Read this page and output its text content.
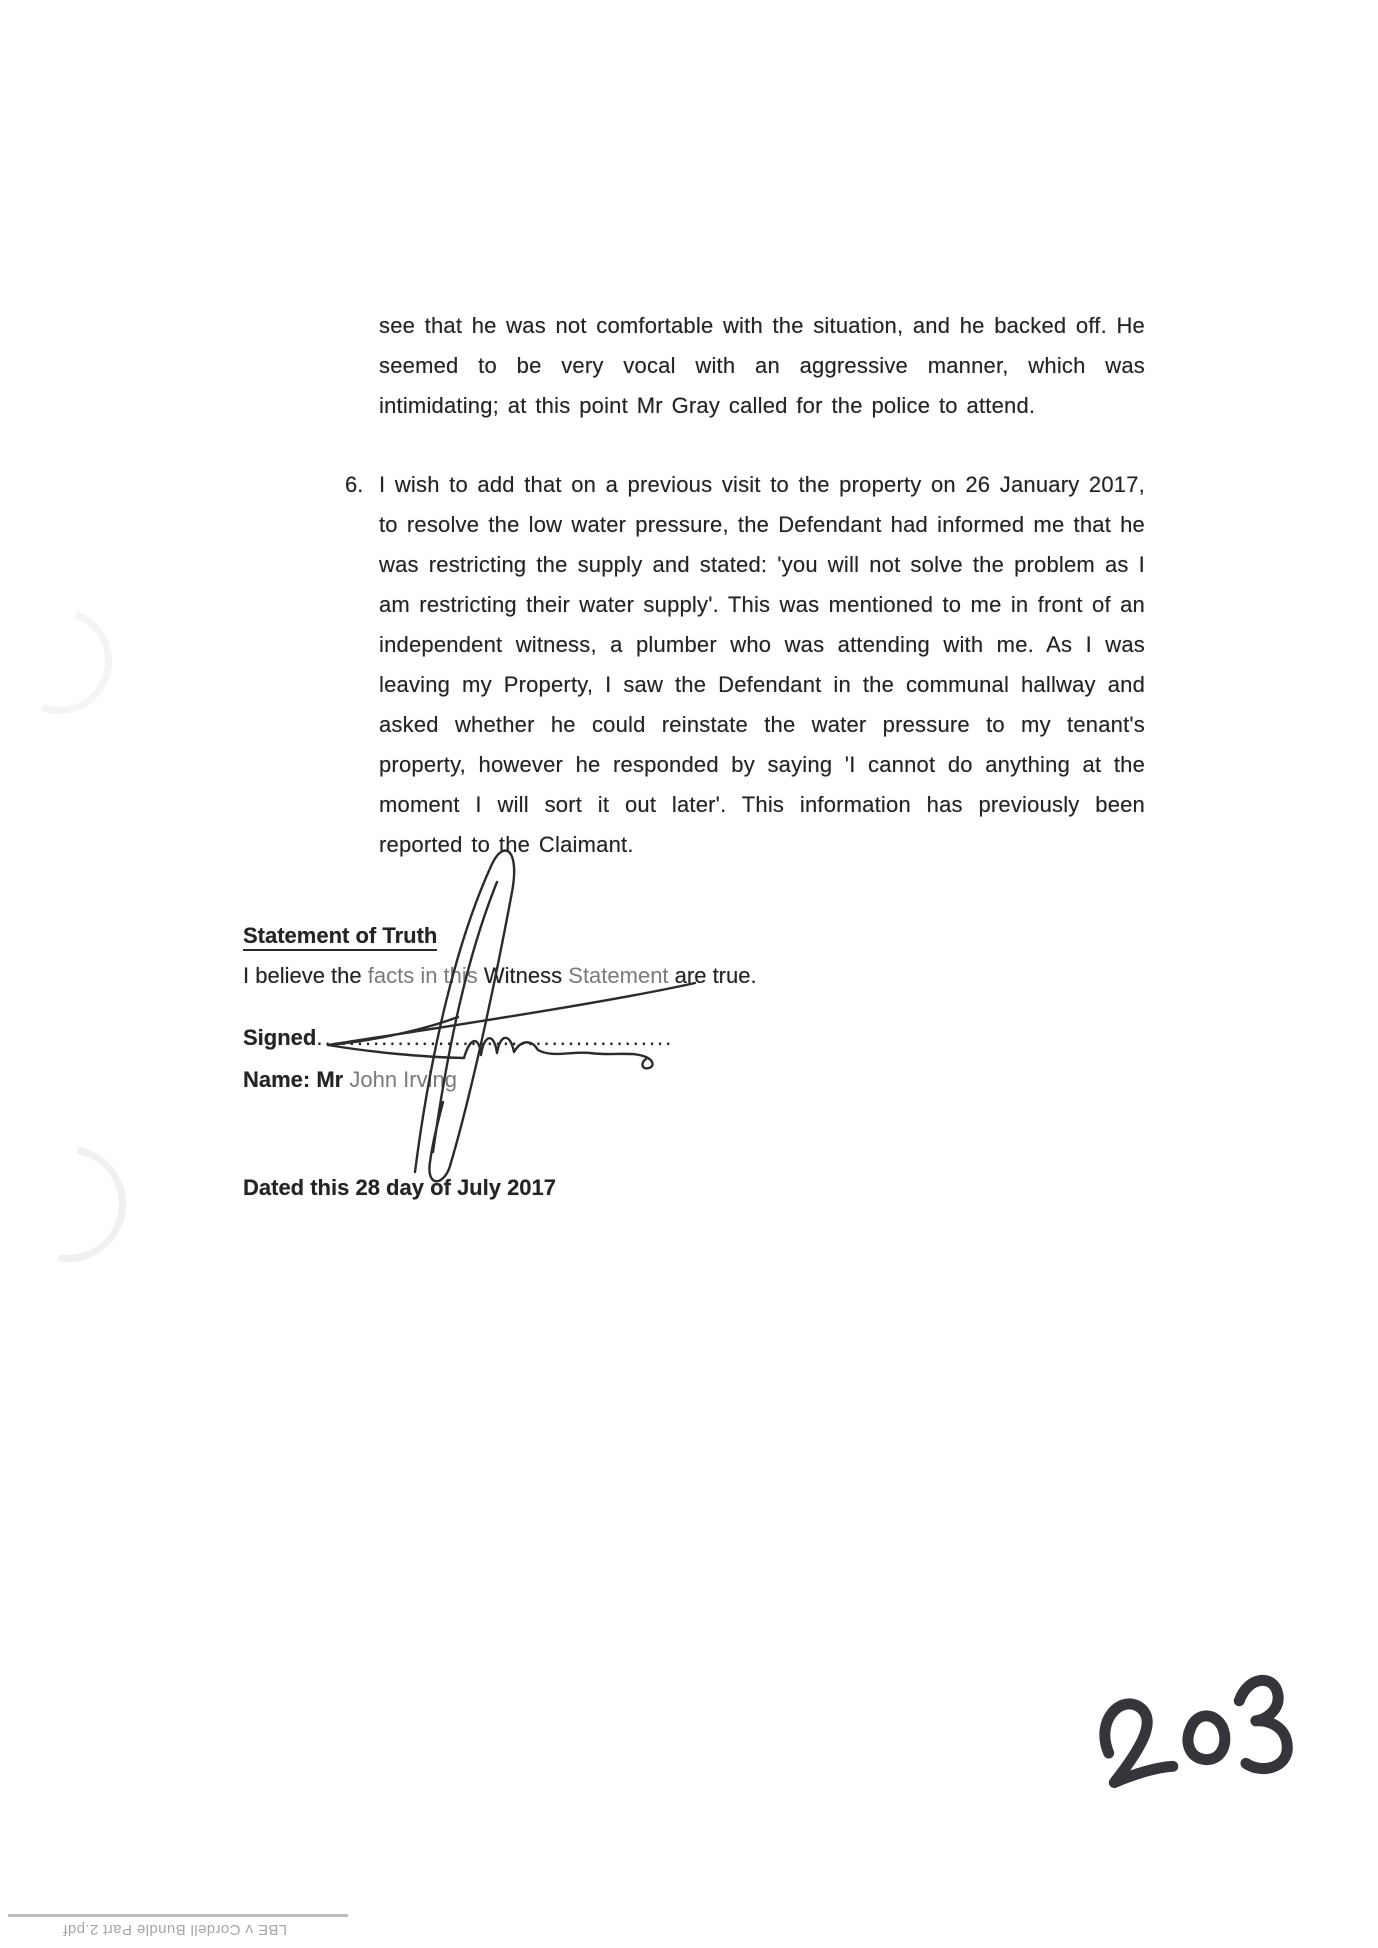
see that he was not comfortable with the situation, and he backed off. He seemed to be very vocal with an aggressive manner, which was intimidating; at this point Mr Gray called for the police to attend.
6. I wish to add that on a previous visit to the property on 26 January 2017, to resolve the low water pressure, the Defendant had informed me that he was restricting the supply and stated: 'you will not solve the problem as I am restricting their water supply'. This was mentioned to me in front of an independent witness, a plumber who was attending with me. As I was leaving my Property, I saw the Defendant in the communal hallway and asked whether he could reinstate the water pressure to my tenant's property, however he responded by saying 'I cannot do anything at the moment I will sort it out later'. This information has previously been reported to the Claimant.
Statement of Truth
I believe the facts in this Witness Statement are true.
Signed............................................
Name: Mr John Irving
Dated this 28 day of July 2017
LBE v Cordell Bundle Part 2.pdf
